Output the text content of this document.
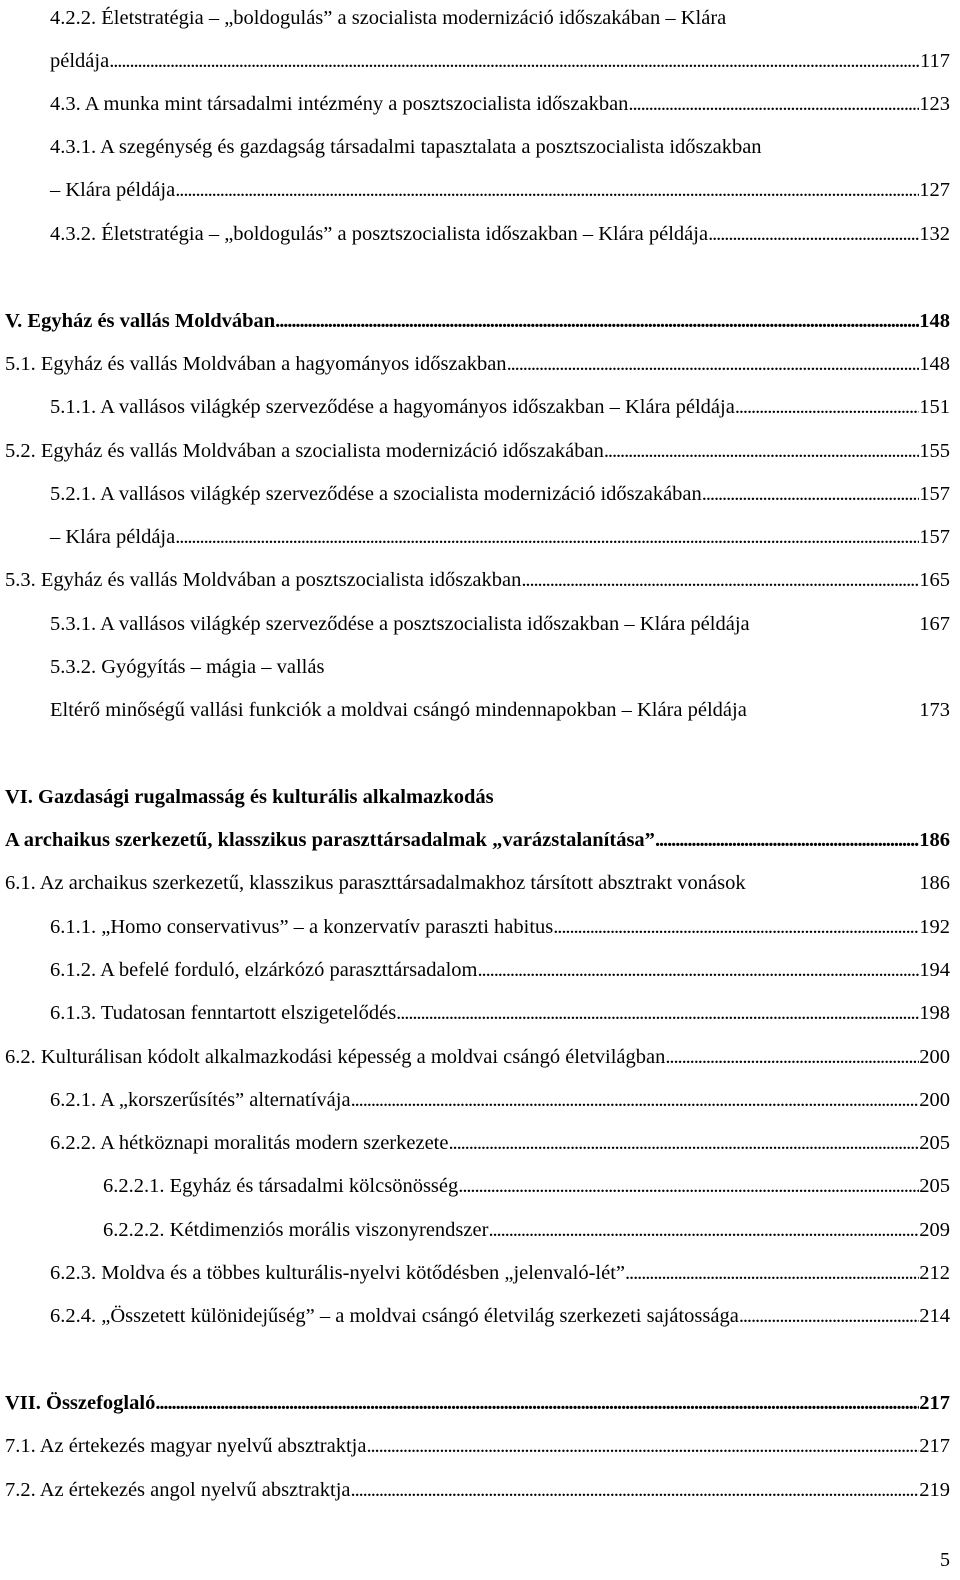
4.2.2. Életstratégia – „boldogulás” a szocialista modernizáció időszakában – Klára
példája . . .	117
4.3. A munka mint társadalmi intézmény a posztszocialista időszakban . . .	123
4.3.1. A szegénység és gazdagság társadalmi tapasztalata a posztszocialista időszakban
– Klára példája . . .	127
4.3.2. Életstratégia – „boldogulás” a posztszocialista időszakban – Klára példája . . .	132
V. Egyház és vallás Moldvában . . .	148
5.1. Egyház és vallás Moldvában a hagyományos időszakban . . .	148
5.1.1. A vallásos világkép szerveződése a hagyományos időszakban – Klára példája . . .	151
5.2. Egyház és vallás Moldvában a szocialista modernizáció időszakában . . .	155
5.2.1. A vallásos világkép szerveződése a szocialista modernizáció időszakában . . .	157
– Klára példája . . .	157
5.3. Egyház és vallás Moldvában a posztszocialista időszakban . . .	165
5.3.1. A vallásos világkép szerveződése a posztszocialista időszakban – Klára példája	167
5.3.2. Gyógyítás – mágia – vallás
Eltérő minőségű vallási funkciók a moldvai csángó mindennapokban – Klára példája	173
VI. Gazdasági rugalmasság és kulturális alkalmazkodás
A archaikus szerkezetű, klasszikus paraszttársadalmak „varázstalanítása” . . .	186
6.1. Az archaikus szerkezetű, klasszikus paraszttársadalmakhoz társított absztrakt vonások	186
6.1.1. „Homo conservativus” – a konzervatív paraszti habitus . . .	192
6.1.2. A befelé forduló, elzárkózó paraszttársadalom . . .	194
6.1.3. Tudatosan fenntartott elszigetelődés . . .	198
6.2. Kulturálisan kódolt alkalmazkodási képesség a moldvai csángó életvilágban . . .	200
6.2.1. A „korszerűsítés” alternatívája . . .	200
6.2.2. A hétköznapi moralitás modern szerkezete . . .	205
6.2.2.1. Egyház és társadalmi kölcsönösség . . .	205
6.2.2.2. Kétdimenziós morális viszonyrendszer . . .	209
6.2.3. Moldva és a többes kulturális-nyelvi kötődésben „jelenvaló-lét” . . .	212
6.2.4. „Összetett különidejűség” – a moldvai csángó életvilág szerkezeti sajátossága . . .	214
VII. Összefoglaló . . .	217
7.1. Az értekezés magyar nyelvű absztraktja . . .	217
7.2. Az értekezés angol nyelvű absztraktja . . .	219
5
